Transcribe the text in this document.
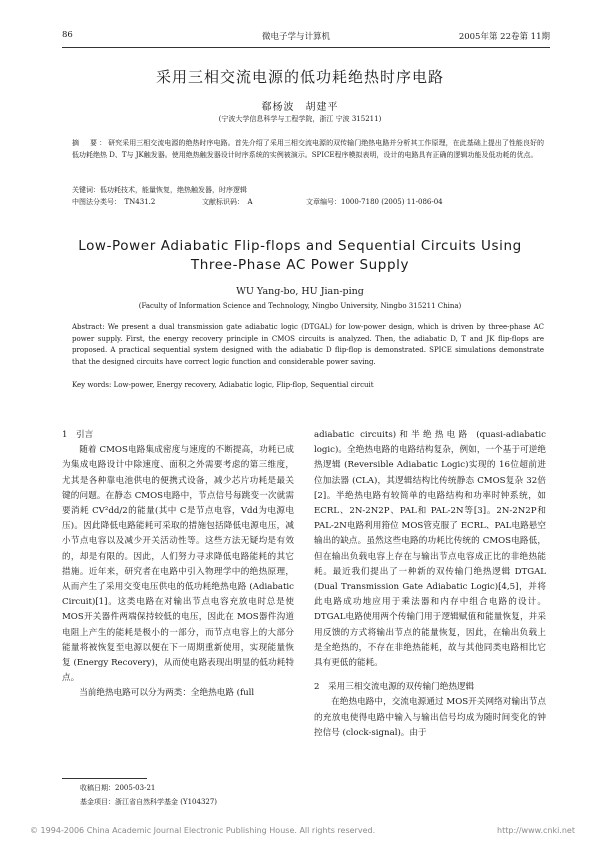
86	微电子学与计算机	2005年第 22卷第 11期
采用三相交流电源的低功耗绝热时序电路
郗杨波　胡建平
(宁波大学信息科学与工程学院，浙江 宁波 315211)
摘　要：研究采用三相交流电源的绝热时序电路。首先介绍了采用三相交流电源的双传输门绝热电路并分析其工作原理，在此基础上提出了性能良好的低功耗绝热 D、T与 JK触发器。使用绝热触发器设计时序系统的实例被演示。SPICE程序模拟表明，设计的电路具有正确的逻辑功能及低功耗的优点。
关键词：低功耗技术，能量恢复，绝热触发器，时序逻辑
中图法分类号：　TN431.2	文献标识码：　A	文章编号：1000-7180 (2005) 11-086-04
Low-Power Adiabatic Flip-flops and Sequential Circuits Using
Three-Phase AC Power Supply
WU Yang-bo, HU Jian-ping
(Faculty of Information Science and Technology, Ningbo University, Ningbo 315211 China)
Abstract: We present a dual transmission gate adiabatic logic (DTGAL) for low-power design, which is driven by three-phase AC power supply. First, the energy recovery principle in CMOS circuits is analyzed. Then, the adiabatic D, T and JK flip-flops are proposed. A practical sequential system designed with the adiabatic D flip-flop is demonstrated. SPICE simulations demonstrate that the designed circuits have correct logic function and considerable power saving.
Key words: Low-power, Energy recovery, Adiabatic logic, Flip-flop, Sequential circuit
1　引言

随着 CMOS电路集成密度与速度的不断提高，功耗已成为集成电路设计中除速度、面积之外需要考虑的第三维度，尤其是各种靠电池供电的便携式设备，减少芯片功耗是最关键的问题。在静态 CMOS电路中，节点信号每跳变一次就需要消耗 CV²dd/2的能量(其中 C是节点电容，Vdd为电源电压)。因此降低电路能耗可采取的措施包括降低电源电压，减小节点电容以及减少开关活动性等。这些方法无疑均是有效的，却是有限的。因此，人们努力寻求降低电路能耗的其它措施。近年来，研究者在电路中引入物理学中的绝热原理，从而产生了采用交变电压供电的低功耗绝热电路 (Adiabatic Circuit)[1]。这类电路在对输出节点电容充放电时总是使 MOS开关器件两端保持较低的电压，因此在 MOS器件沟道电阻上产生的能耗是极小的一部分，而节点电容上的大部分能量将被恢复至电源以便在下一周期重新使用，实现能量恢复 (Energy Recovery)，从而使电路表现出明显的低功耗特点。

当前绝热电路可以分为两类：全绝热电路 (full

adiabatic circuits)和半绝热电路 (quasi-adiabatic logic)。全绝热电路的电路结构复杂，例如，一个基于可逆绝热逻辑 (Reversible Adiabatic Logic)实现的 16位超前进位加法器 (CLA)，其逻辑结构比传统静态 CMOS复杂 32倍[2]。半绝热电路有较简单的电路结构和功率时钟系统，如 ECRL、2N-2N2P、PAL和 PAL-2N等[3]。2N-2N2P和 PAL-2N电路利用箝位 MOS管克服了 ECRL、PAL电路悬空输出的缺点。虽然这些电路的功耗比传统的 CMOS电路低，但在输出负载电容上存在与输出节点电容成正比的非绝热能耗。最近我们提出了一种新的双传输门绝热逻辑 DTGAL (Dual Transmission Gate Adiabatic Logic)[4,5]，并将此电路成功地应用于乘法器和内存中组合电路的设计。DTGAL电路使用两个传输门用于逻辑赋值和能量恢复，并采用反馈的方式将输出节点的能量恢复，因此，在输出负载上是全绝热的，不存在非绝热能耗，故与其他同类电路相比它具有更低的能耗。

2　采用三相交流电源的双传输门绝热逻辑

在绝热电路中，交流电源通过 MOS开关网络对输出节点的充放电使得电路中输入与输出信号均成为随时间变化的钟控信号 (clock-signal)。由于

收稿日期：2005-03-21
基金项目：浙江省自然科学基金 (Y104327)
© 1994-2006 China Academic Journal Electronic Publishing House. All rights reserved.	http://www.cnki.net
